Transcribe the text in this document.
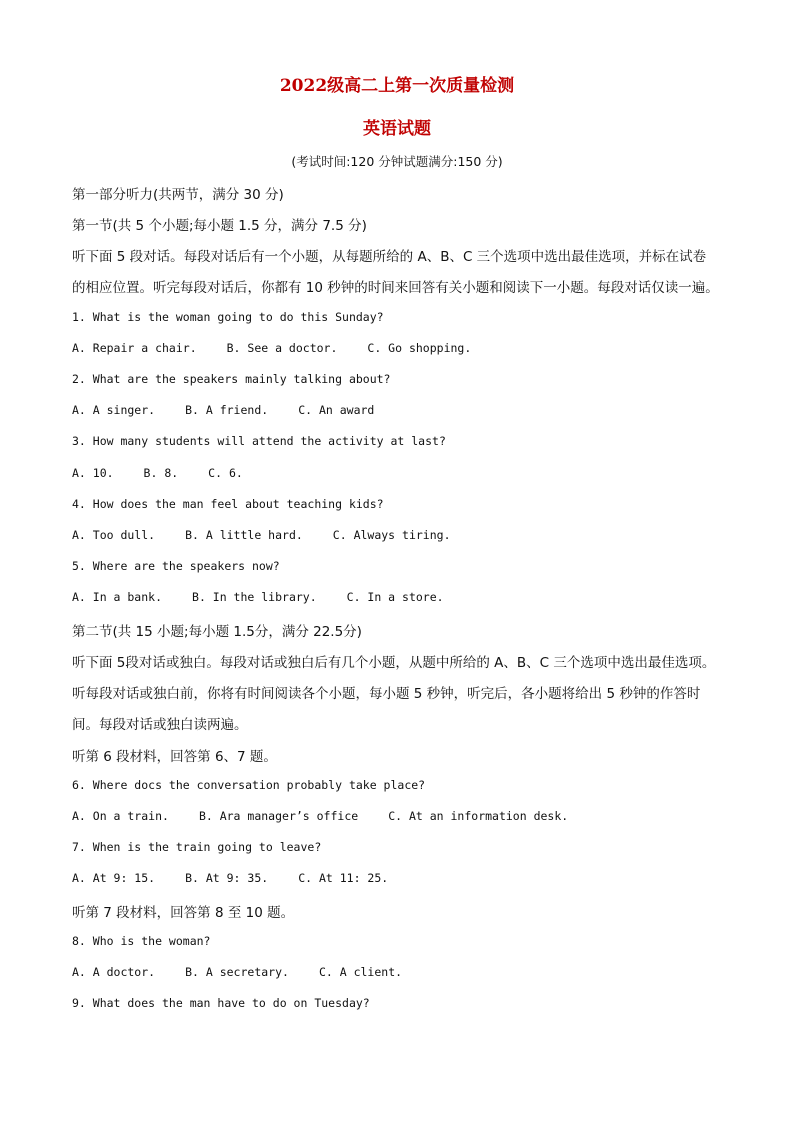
2022级高二上第一次质量检测
英语试题

(考试时间:120 分钟试题满分:150 分)

第一部分听力(共两节，满分 30 分)

第一节(共 5 个小题;每小题 1.5 分，满分 7.5 分)

听下面 5 段对话。每段对话后有一个小题，从每题所给的 A、B、C 三个选项中选出最佳选项，并标在试卷

的相应位置。听完每段对话后，你都有 10 秒钟的时间来回答有关小题和阅读下一小题。每段对话仅读一遍。

1. What is the woman going to do this Sunday?

A. Repair a chair.	B. See a doctor.	C. Go shopping.

2. What are the speakers mainly talking about?

A. A singer.	B. A friend.	C. An award

3. How many students will attend the activity at last?

A. 10.	B. 8.	C. 6.

4. How does the man feel about teaching kids?

A. Too dull.	B. A little hard.	C. Always tiring.

5. Where are the speakers now?

A. In a bank.	B. In the library.	C. In a store.

第二节(共 15 小题;每小题 1.5分，满分 22.5分)

听下面 5段对话或独白。每段对话或独白后有几个小题，从题中所给的 A、B、C 三个选项中选出最佳选项。

听每段对话或独白前，你将有时间阅读各个小题，每小题 5 秒钟，听完后，各小题将给出 5 秒钟的作答时

间。每段对话或独白读两遍。

听第 6 段材料，回答第 6、7 题。

6. Where docs the conversation probably take place?

A. On a train.	B. Ara manager’s office	C. At an information desk.

7. When is the train going to leave?

A. At 9: 15.	B. At 9: 35.	C. At 11: 25.

听第 7 段材料，回答第 8 至 10 题。

8. Who is the woman?

A. A doctor.	B. A secretary.	C. A client.

9. What does the man have to do on Tuesday?
